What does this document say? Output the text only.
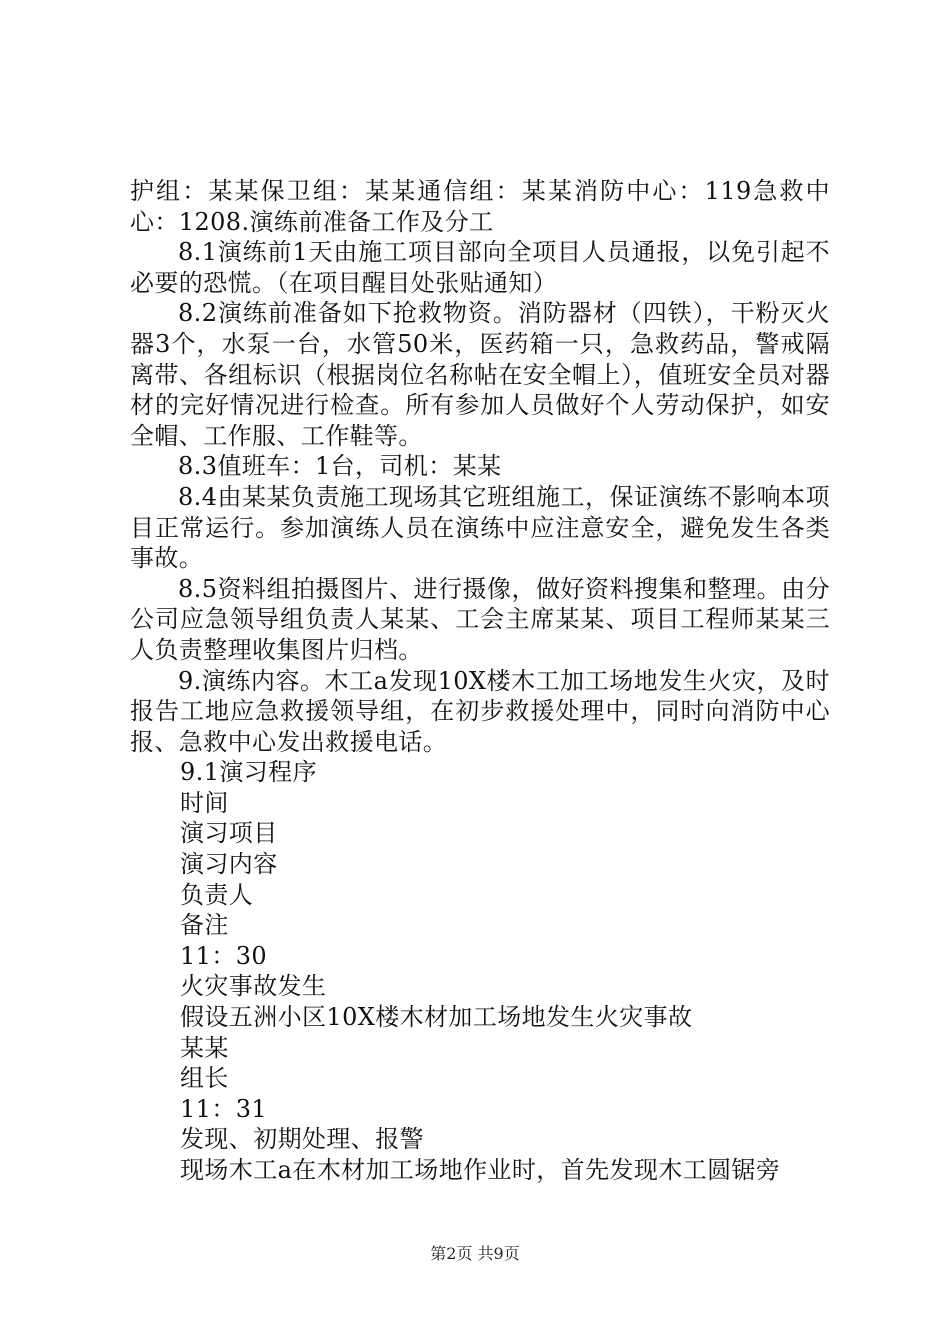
护组：某某保卫组：某某通信组：某某消防中心：119急救中心：1208.演练前准备工作及分工

8.1演练前1天由施工项目部向全项目人员通报，以免引起不必要的恐慌。（在项目醒目处张贴通知）

8.2演练前准备如下抢救物资。消防器材（四铁），干粉灭火器3个，水泵一台，水管50米，医药箱一只，急救药品，警戒隔离带、各组标识（根据岗位名称帖在安全帽上），值班安全员对器材的完好情况进行检查。所有参加人员做好个人劳动保护，如安全帽、工作服、工作鞋等。

8.3值班车：1台，司机：某某

8.4由某某负责施工现场其它班组施工，保证演练不影响本项目正常运行。参加演练人员在演练中应注意安全，避免发生各类事故。

8.5资料组拍摄图片、进行摄像，做好资料搜集和整理。由分公司应急领导组负责人某某、工会主席某某、项目工程师某某三人负责整理收集图片归档。

9.演练内容。木工a发现10X楼木工加工场地发生火灾，及时报告工地应急救援领导组，在初步救援处理中，同时向消防中心报、急救中心发出救援电话。

9.1演习程序

时间

演习项目

演习内容

负责人

备注

11：30

火灾事故发生

假设五洲小区10X楼木材加工场地发生火灾事故

某某

组长

11：31

发现、初期处理、报警

现场木工a在木材加工场地作业时，首先发现木工圆锯旁

第2页 共9页
